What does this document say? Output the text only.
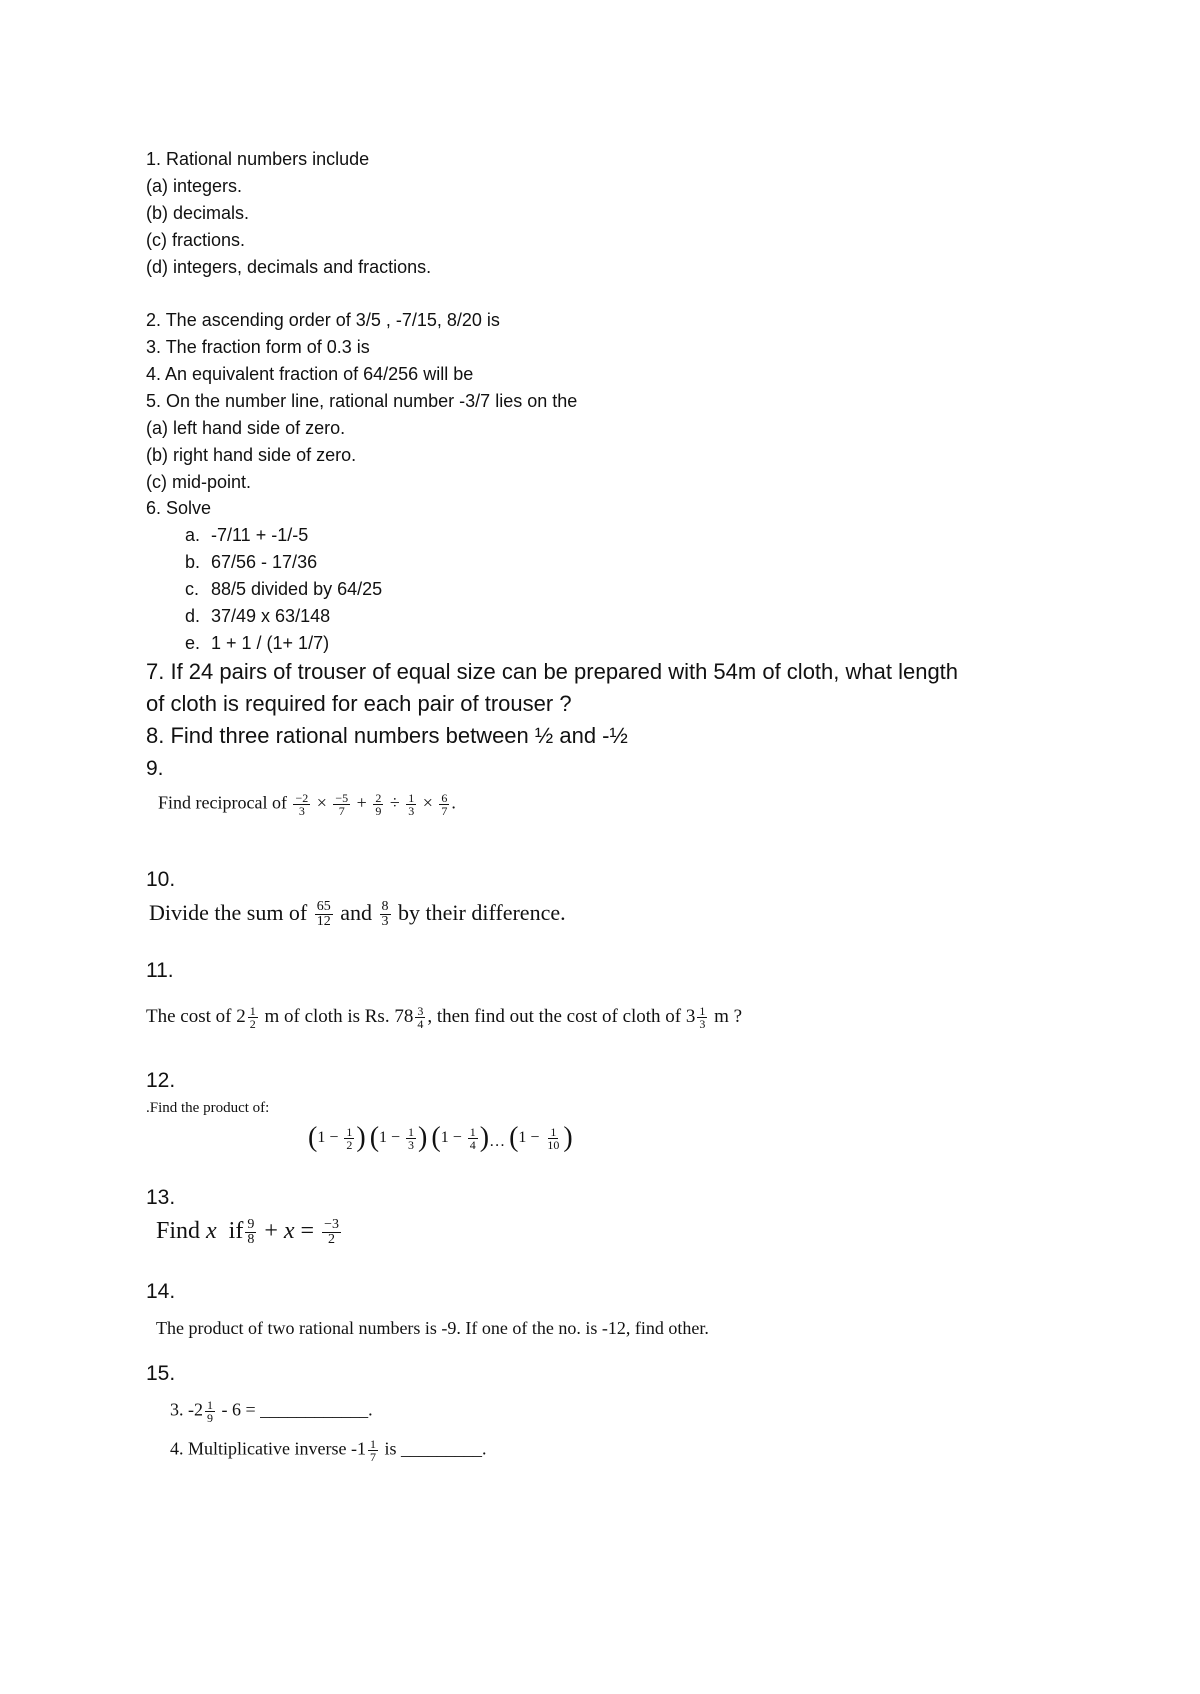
1. Rational numbers include
(a) integers.
(b) decimals.
(c) fractions.
(d) integers, decimals and fractions.
2. The ascending order of 3/5 , -7/15, 8/20 is
3. The fraction form of 0.3 is
4. An equivalent fraction of 64/256 will be
5. On the number line, rational number -3/7 lies on the
(a) left hand side of zero.
(b) right hand side of zero.
(c) mid-point.
6. Solve
a. -7/11 + -1/-5
b. 67/56 - 17/36
c. 88/5 divided by 64/25
d. 37/49 x 63/148
e. 1 + 1 / (1+ 1/7)
7. If 24 pairs of trouser of equal size can be prepared with 54m of cloth, what length
of cloth is required for each pair of trouser ?
8. Find three rational numbers between ½ and -½
9.
Find reciprocal of $\frac{-2}{3} \times \frac{-5}{7} + \frac{2}{9} \div \frac{1}{3} \times \frac{6}{7}$ .
10.
Divide the sum of $\frac{65}{12}$ and $\frac{8}{3}$ by their difference.
11.
The cost of $2 \frac{1}{2}$ m of cloth is Rs. $78 \frac{3}{4}$ , then find out the cost of cloth of $3 \frac{1}{3}$ m ?
12.
.Find the product of:
( 1
−
$\frac{1}{2}$ )
( 1
−
$\frac{1}{3}$ )
( 1
−
$\frac{1}{4}$ ) … ( 1
−
$\frac{1}{10}$ )
13.
Find x if $\frac{9}{8} + x = \frac{-3}{2}$
14.
The product of two rational numbers is -9. If one of the no. is -12, find other.
15.
3. $-2 \frac{1}{9} - 6$ = ____________.
4. Multiplicative inverse $-1 \frac{1}{7}$ is _________.
